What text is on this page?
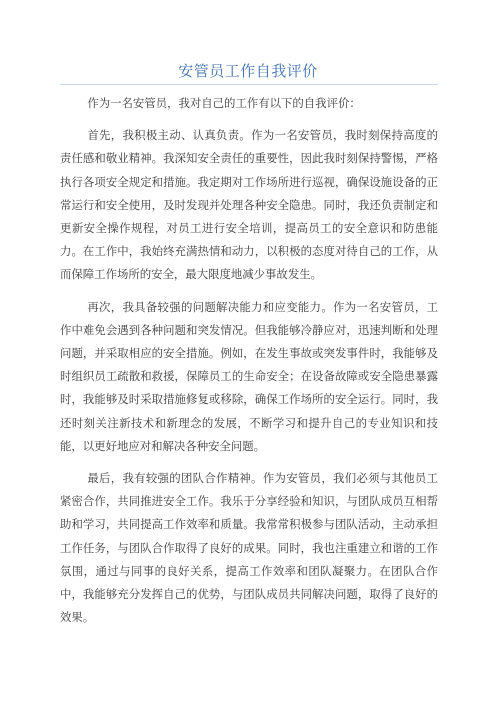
安管员工作自我评价

作为一名安管员，我对自己的工作有以下的自我评价：

首先，我积极主动、认真负责。作为一名安管员，我时刻保持高度的责任感和敬业精神。我深知安全责任的重要性，因此我时刻保持警惕，严格执行各项安全规定和措施。我定期对工作场所进行巡视，确保设施设备的正常运行和安全使用，及时发现并处理各种安全隐患。同时，我还负责制定和更新安全操作规程，对员工进行安全培训，提高员工的安全意识和防患能力。在工作中，我始终充满热情和动力，以积极的态度对待自己的工作，从而保障工作场所的安全，最大限度地减少事故发生。

再次，我具备较强的问题解决能力和应变能力。作为一名安管员，工作中难免会遇到各种问题和突发情况。但我能够冷静应对，迅速判断和处理问题，并采取相应的安全措施。例如，在发生事故或突发事件时，我能够及时组织员工疏散和救援，保障员工的生命安全；在设备故障或安全隐患暴露时，我能够及时采取措施修复或移除，确保工作场所的安全运行。同时，我还时刻关注新技术和新理念的发展，不断学习和提升自己的专业知识和技能，以更好地应对和解决各种安全问题。

最后，我有较强的团队合作精神。作为安管员，我们必须与其他员工紧密合作，共同推进安全工作。我乐于分享经验和知识，与团队成员互相帮助和学习，共同提高工作效率和质量。我常常积极参与团队活动，主动承担工作任务，与团队合作取得了良好的成果。同时，我也注重建立和谐的工作氛围，通过与同事的良好关系，提高工作效率和团队凝聚力。在团队合作中，我能够充分发挥自己的优势，与团队成员共同解决问题，取得了良好的效果。
